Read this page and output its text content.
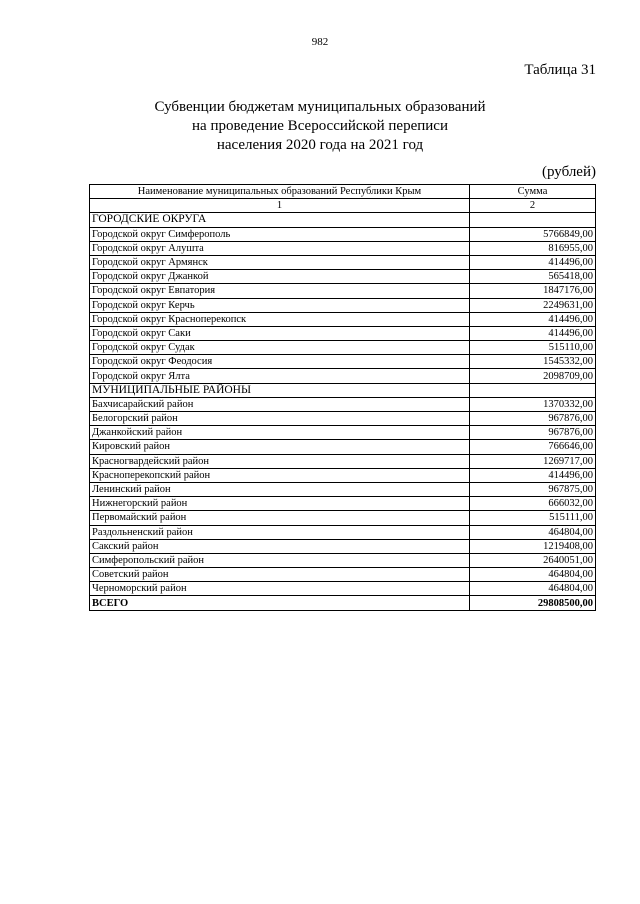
982
Таблица 31
Субвенции бюджетам муниципальных образований
на проведение Всероссийской переписи
населения 2020 года на 2021 год
(рублей)
Наименование муниципальных образований Республики Крым	Сумма
1	2
ГОРОДСКИЕ ОКРУГА	
Городской округ Симферополь	5766849,00
Городской округ Алушта	816955,00
Городской округ Армянск	414496,00
Городской округ Джанкой	565418,00
Городской округ Евпатория	1847176,00
Городской округ Керчь	2249631,00
Городской округ Красноперекопск	414496,00
Городской округ Саки	414496,00
Городской округ Судак	515110,00
Городской округ Феодосия	1545332,00
Городской округ Ялта	2098709,00
МУНИЦИПАЛЬНЫЕ РАЙОНЫ	
Бахчисарайский район	1370332,00
Белогорский район	967876,00
Джанкойский район	967876,00
Кировский район	766646,00
Красногвардейский район	1269717,00
Красноперекопский район	414496,00
Ленинский район	967875,00
Нижнегорский район	666032,00
Первомайский район	515111,00
Раздольненский район	464804,00
Сакский район	1219408,00
Симферопольский район	2640051,00
Советский район	464804,00
Черноморский район	464804,00
ВСЕГО	29808500,00
